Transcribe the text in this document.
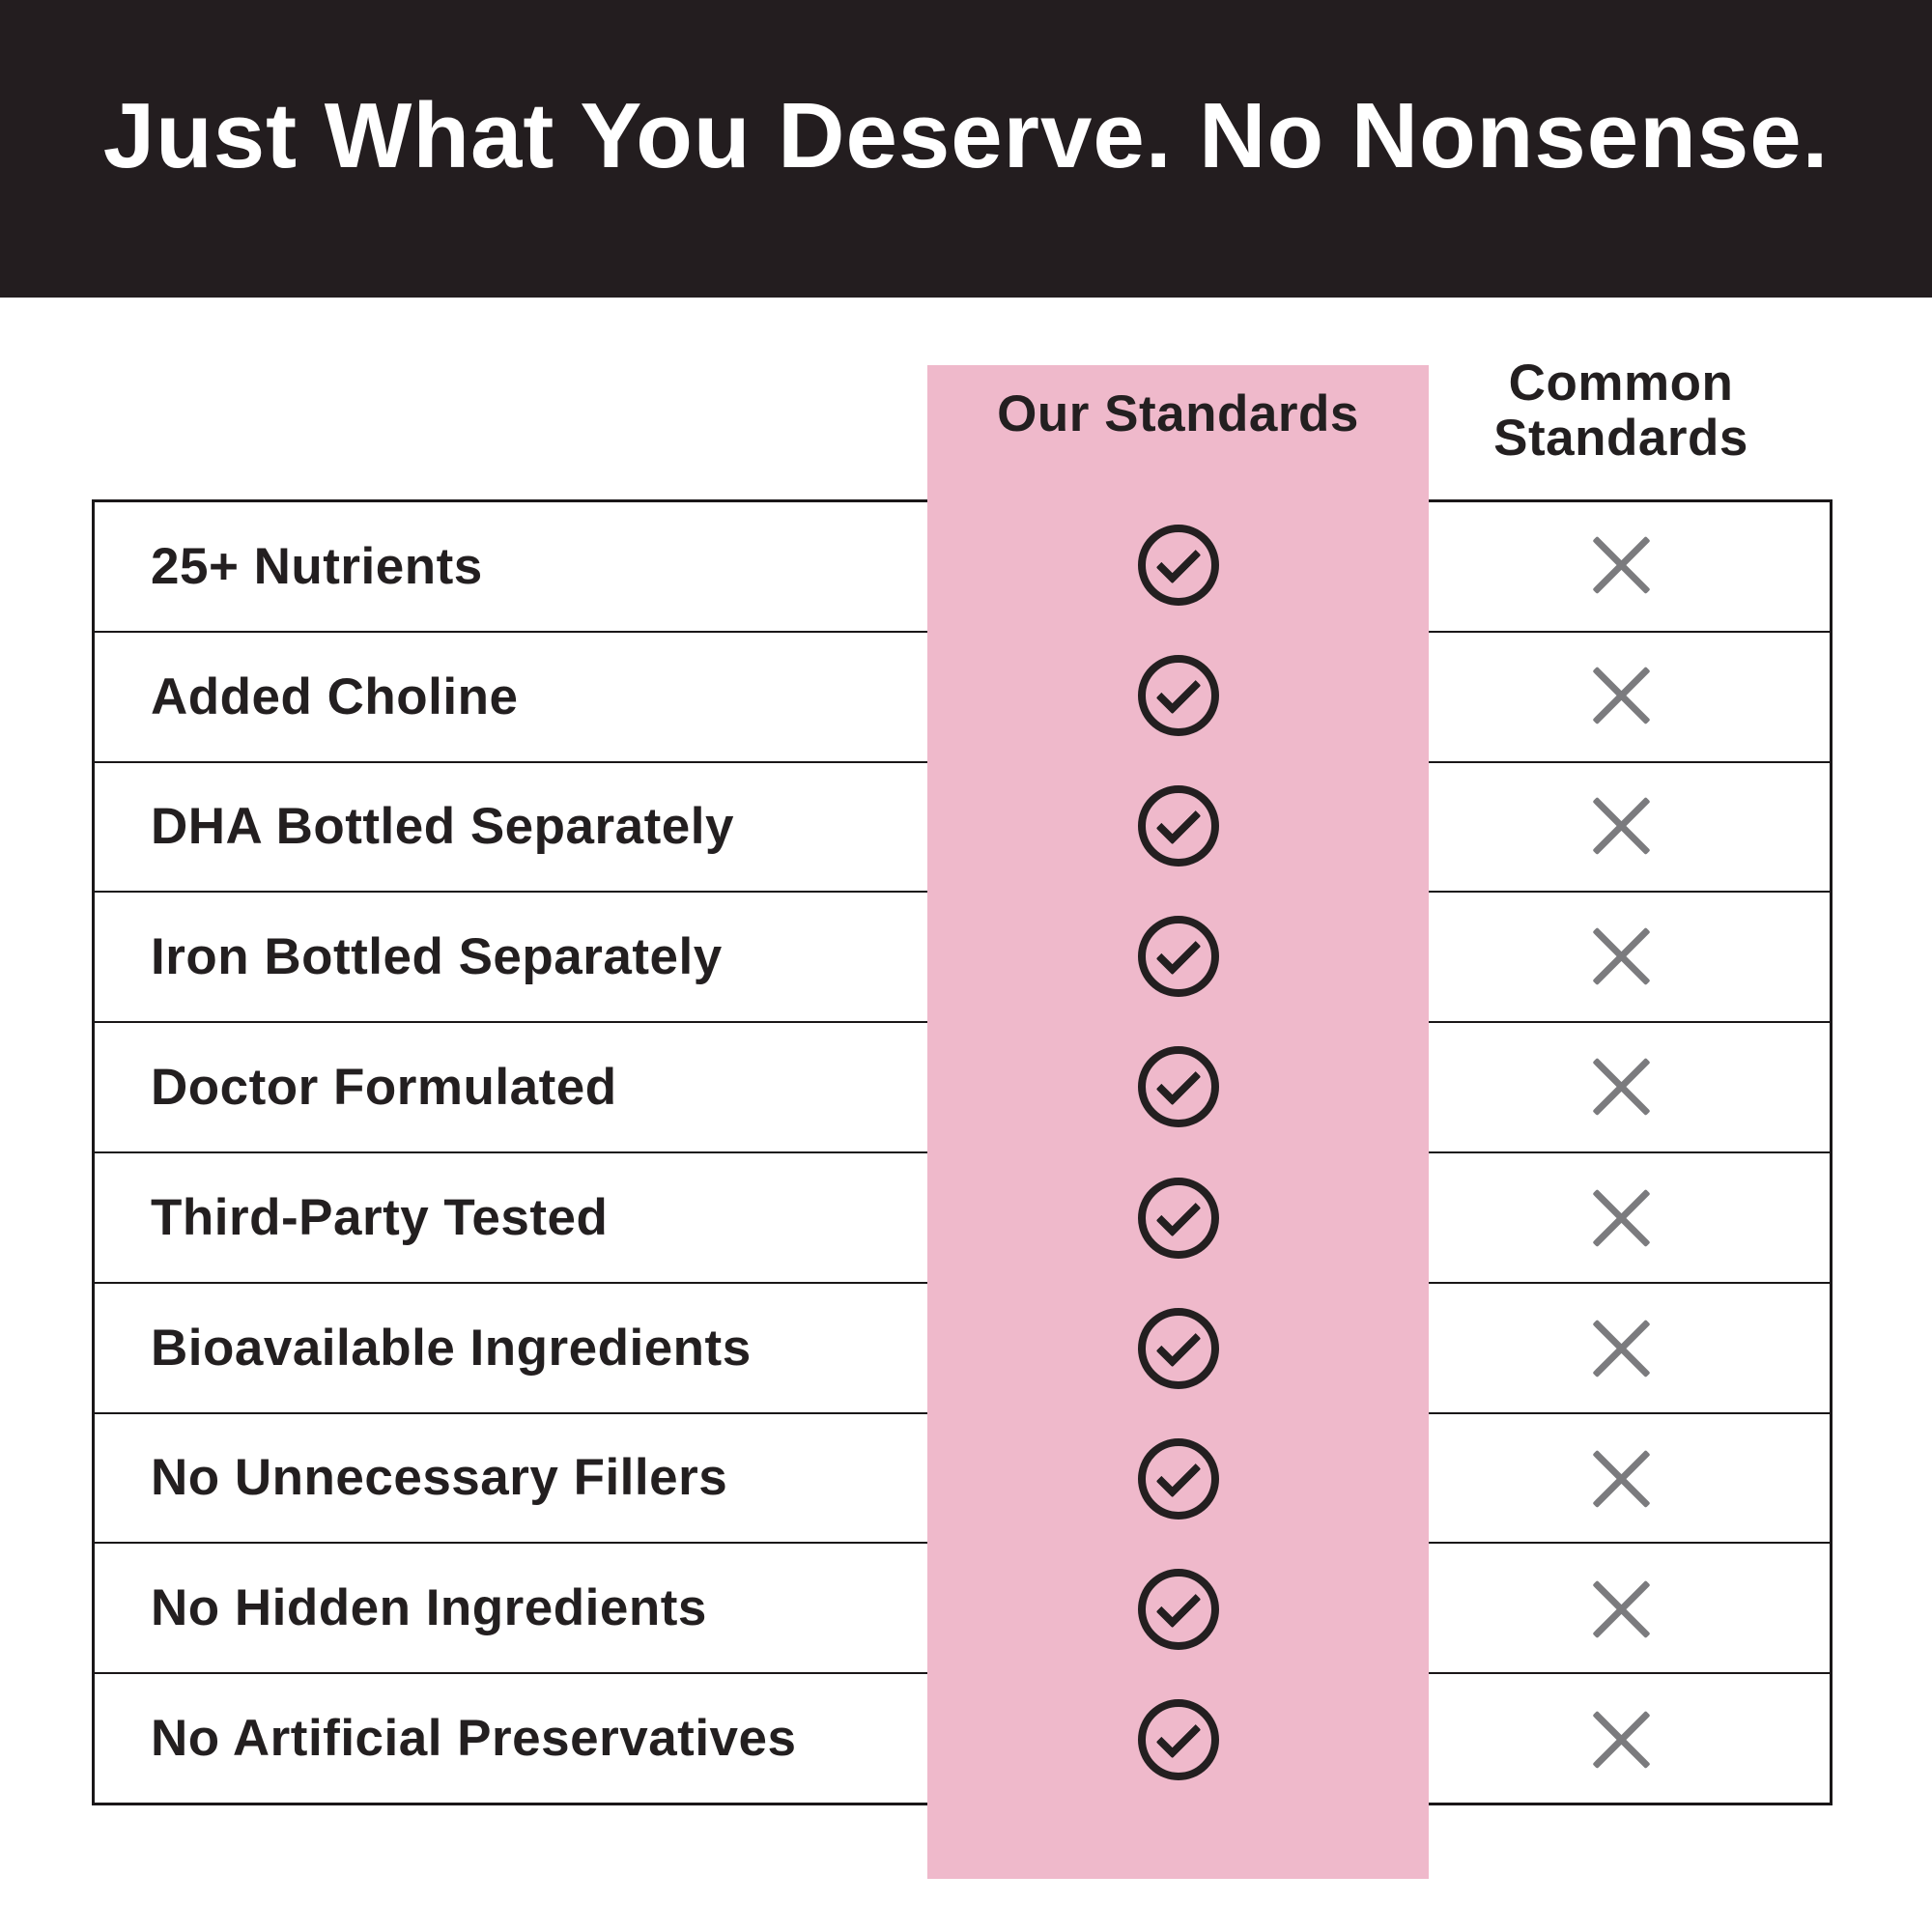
Just What You Deserve. No Nonsense.
Our Standards
Common
Standards
25+ Nutrients
Added Choline
DHA Bottled Separately
Iron Bottled Separately
Doctor Formulated
Third-Party Tested
Bioavailable Ingredients
No Unnecessary Fillers
No Hidden Ingredients
No Artificial Preservatives
